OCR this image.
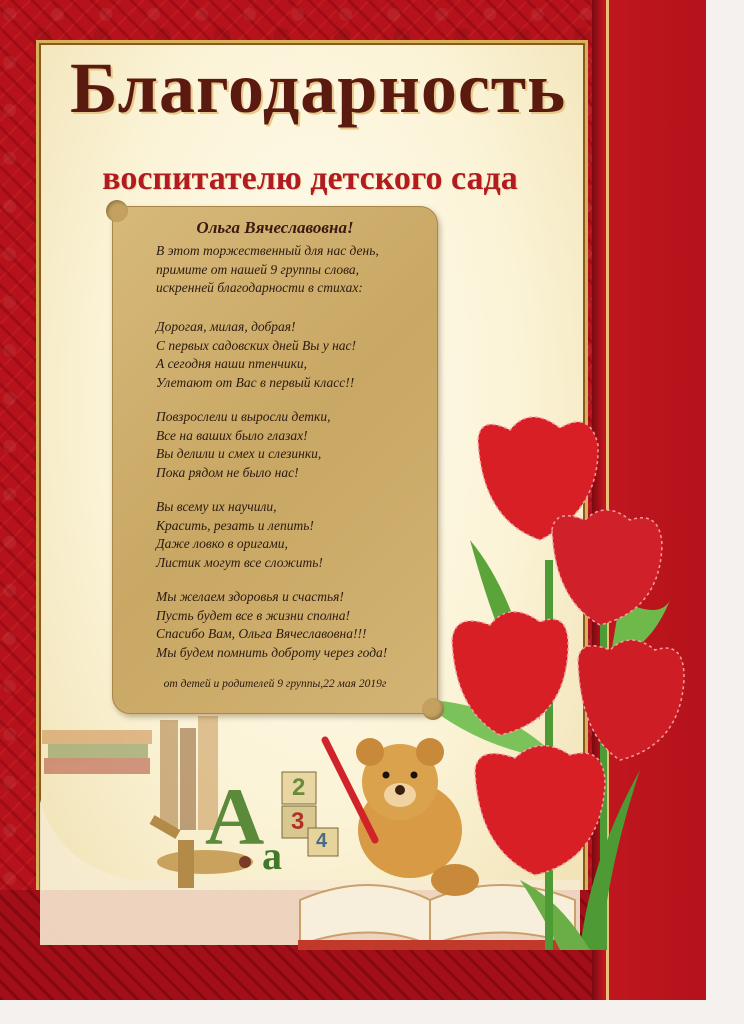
А
а
2
3
4
Благодарность
воспитателю детского сада
Ольга Вячеславовна!
В этот торжественный для нас день,
примите от нашей 9 группы слова,
искренней благодарности в стихах:
Дорогая, милая, добрая!
С первых садовских дней Вы у нас!
А сегодня наши птенчики,
Улетают от Вас в первый класс!!
Повзрослели и выросли детки,
Все на ваших было глазах!
Вы делили и смех и слезинки,
Пока рядом не было нас!
Вы всему их научили,
Красить, резать и лепить!
Даже ловко в оригами,
Листик могут все сложить!
Мы желаем здоровья и счастья!
Пусть будет все в жизни сполна!
Спасибо Вам, Ольга Вячеславовна!!!
Мы будем помнить доброту через года!
от детей и родителей 9 группы,22 мая 2019г
